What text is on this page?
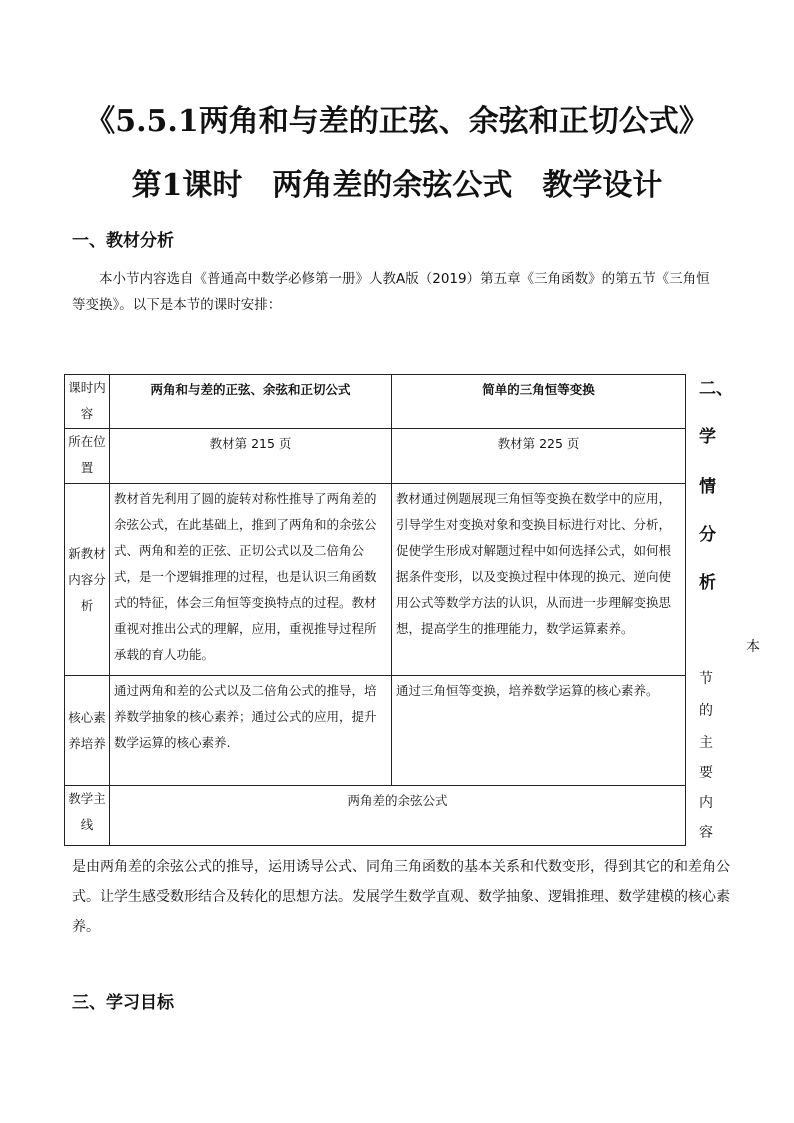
《5.5.1两角和与差的正弦、余弦和正切公式》
第1课时　两角差的余弦公式　教学设计
一、教材分析
本小节内容选自《普通高中数学必修第一册》人教A版（2019）第五章《三角函数》的第五节《三角恒等变换》。以下是本节的课时安排：
课时内容	两角和与差的正弦、余弦和正切公式	简单的三角恒等变换
所在位置	教材第 215 页	教材第 225 页
新教材内容分析	教材首先利用了圆的旋转对称性推导了两角差的余弦公式，在此基础上，推到了两角和的余弦公式、两角和差的正弦、正切公式以及二倍角公式，是一个逻辑推理的过程，也是认识三角函数式的特征，体会三角恒等变换特点的过程。教材重视对推出公式的理解，应用，重视推导过程所承载的育人功能。	教材通过例题展现三角恒等变换在数学中的应用，引导学生对变换对象和变换目标进行对比、分析，促使学生形成对解题过程中如何选择公式，如何根据条件变形，以及变换过程中体现的换元、逆向使用公式等数学方法的认识，从而进一步理解变换思想，提高学生的推理能力，数学运算素养。
核心素养培养	通过两角和差的公式以及二倍角公式的推导，培养数学抽象的核心素养；通过公式的应用，提升数学运算的核心素养.	通过三角恒等变换，培养数学运算的核心素养。
教学主线	两角差的余弦公式	
二、
学
情
分
析
本
节
的
主
要
内
容
是由两角差的余弦公式的推导，运用诱导公式、同角三角函数的基本关系和代数变形，得到其它的和差角公式。让学生感受数形结合及转化的思想方法。发展学生数学直观、数学抽象、逻辑推理、数学建模的核心素养。
三、学习目标
